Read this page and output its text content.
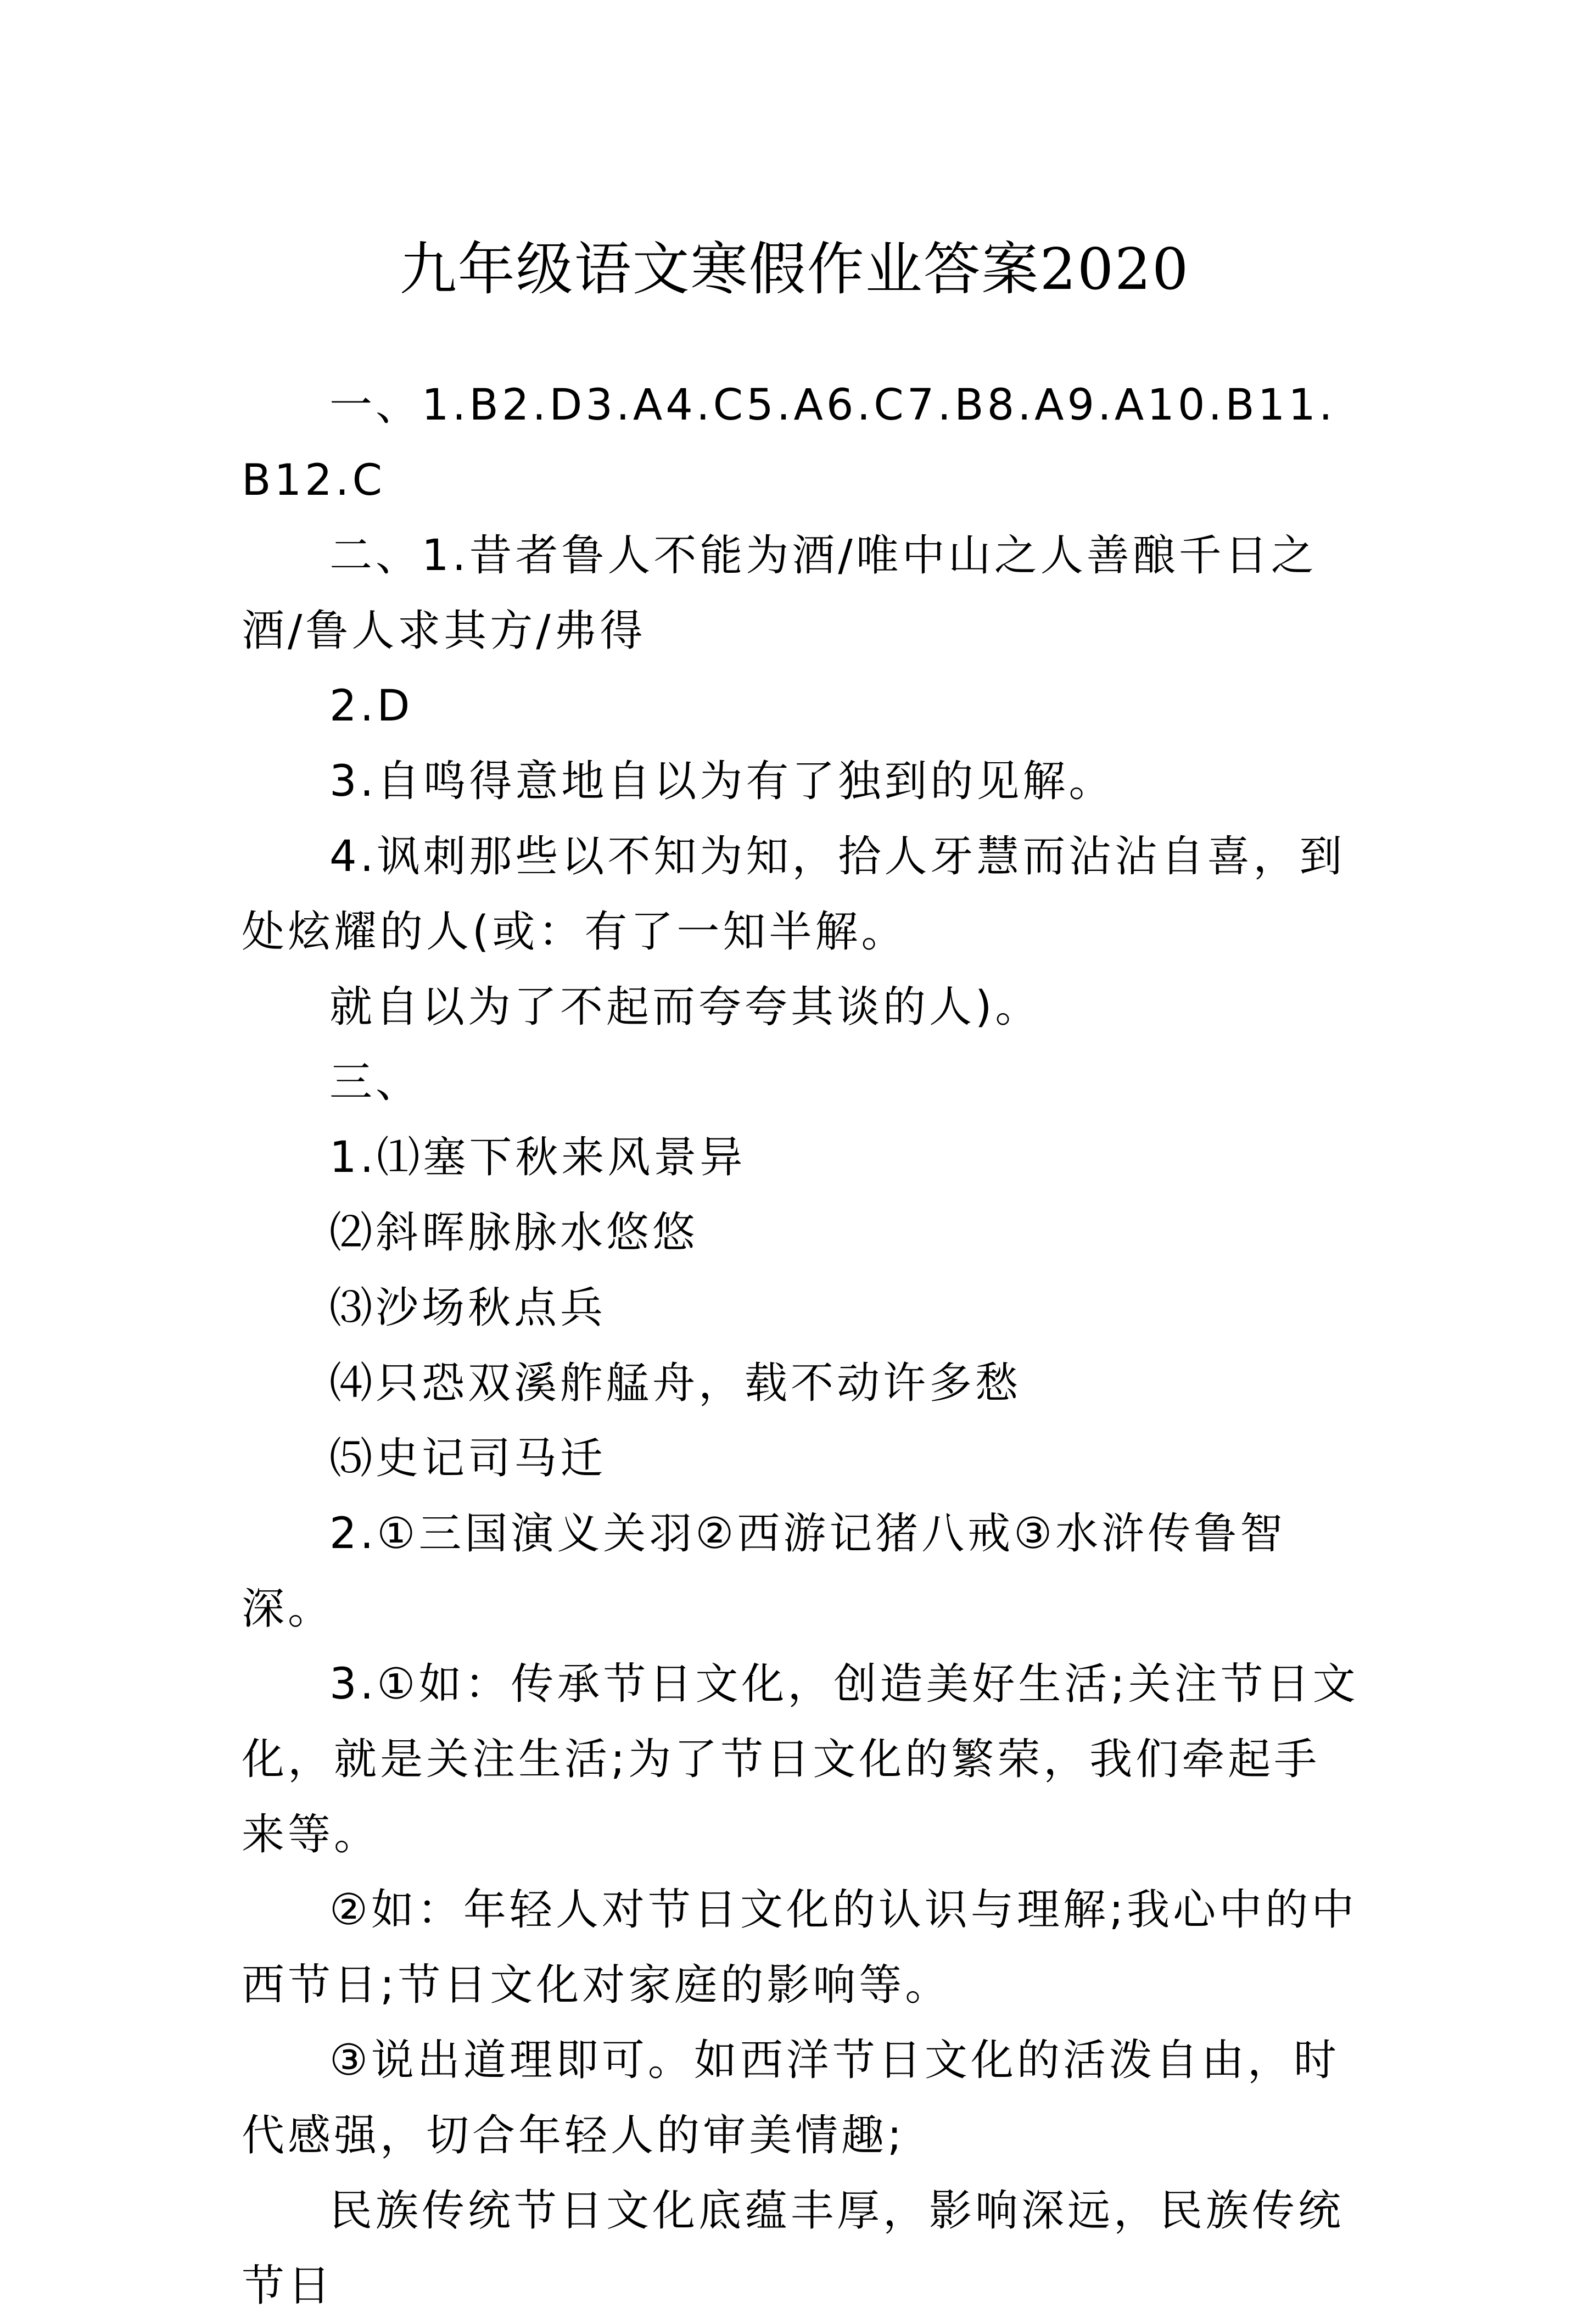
九年级语文寒假作业答案2020

一、1.B2.D3.A4.C5.A6.C7.B8.A9.A10.B11.B12.C

二、1.昔者鲁人不能为酒/唯中山之人善酿千日之酒/鲁人求其方/弗得

2.D

3.自鸣得意地自以为有了独到的见解。

4.讽刺那些以不知为知，拾人牙慧而沾沾自喜，到处炫耀的人(或：有了一知半解。

就自以为了不起而夸夸其谈的人)。

三、

1.⑴塞下秋来风景异

⑵斜晖脉脉水悠悠

⑶沙场秋点兵

⑷只恐双溪舴艋舟，载不动许多愁

⑸史记司马迁

2.①三国演义关羽②西游记猪八戒③水浒传鲁智深。

3.①如：传承节日文化，创造美好生活;关注节日文化，就是关注生活;为了节日文化的繁荣，我们牵起手来等。

②如：年轻人对节日文化的认识与理解;我心中的中西节日;节日文化对家庭的影响等。

③说出道理即可。如西洋节日文化的活泼自由，时代感强，切合年轻人的审美情趣;

民族传统节日文化底蕴丰厚，影响深远，民族传统节日
